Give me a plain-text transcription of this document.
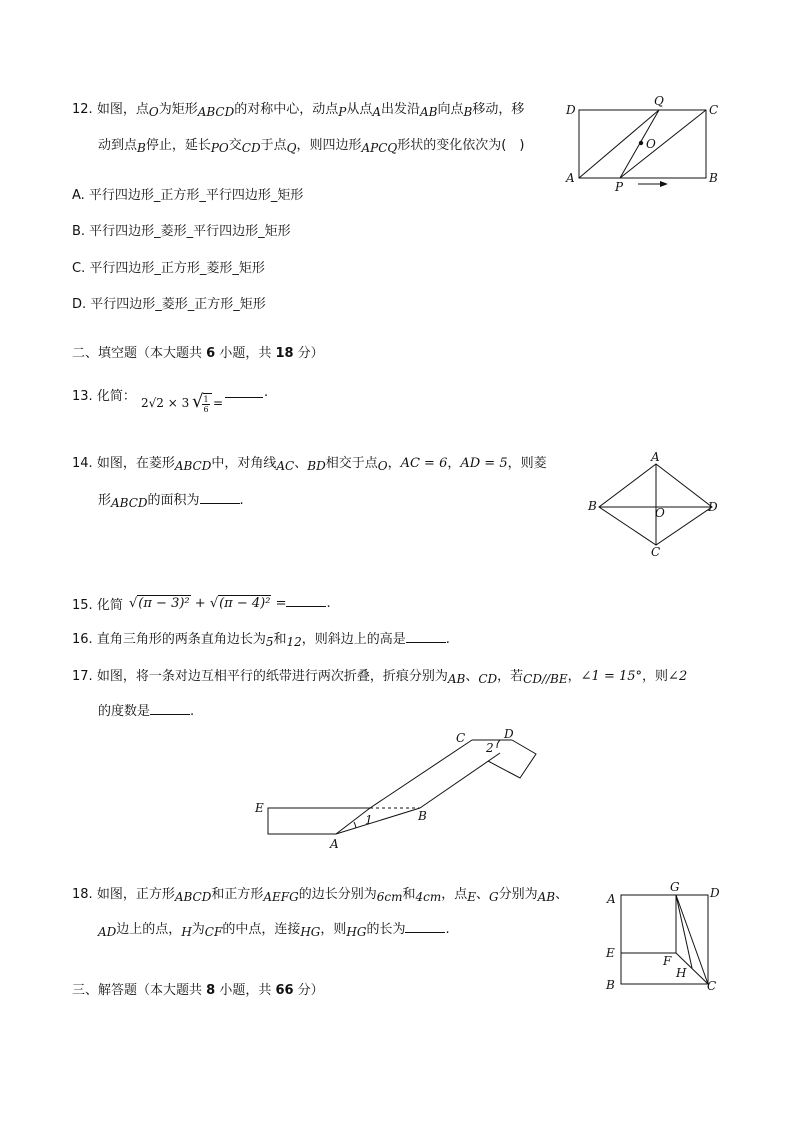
12. 如图，点O为矩形ABCD的对称中心，动点P从点A出发沿AB向点B移动，移
动到点B停止，延长PO交CD于点Q，则四边形APCQ形状的变化依次为(　)
A. 平行四边形_正方形_平行四边形_矩形
B. 平行四边形_菱形_平行四边形_矩形
C. 平行四边形_正方形_菱形_矩形
D. 平行四边形_菱形_正方形_矩形
D
Q
C
O
A
P
B
二、填空题（本大题共 6 小题，共 18 分）
13. 化简： 2√2 × 3 √ 1
6 =
.
14. 如图，在菱形ABCD中，对角线AC、BD相交于点O，AC = 6，AD = 5，则菱
形ABCD的面积为	.
A
B	D
O
C
15. 化简 √(π − 3)² + √(π − 4)² =	.
16. 直角三角形的两条直角边长为5和12，则斜边上的高是	.
17. 如图，将一条对边互相平行的纸带进行两次折叠，折痕分别为AB、CD，若CD//BE，∠1 = 15°，则∠2
的度数是	.
E
A
B
C	D
1
2
18. 如图，正方形ABCD和正方形AEFG的边长分别为6cm和4cm，点E、G分别为AB、
AD边上的点，H为CF的中点，连接HG，则HG的长为	.
A
G	D
E
F
H
B	C
三、解答题（本大题共 8 小题，共 66 分）
